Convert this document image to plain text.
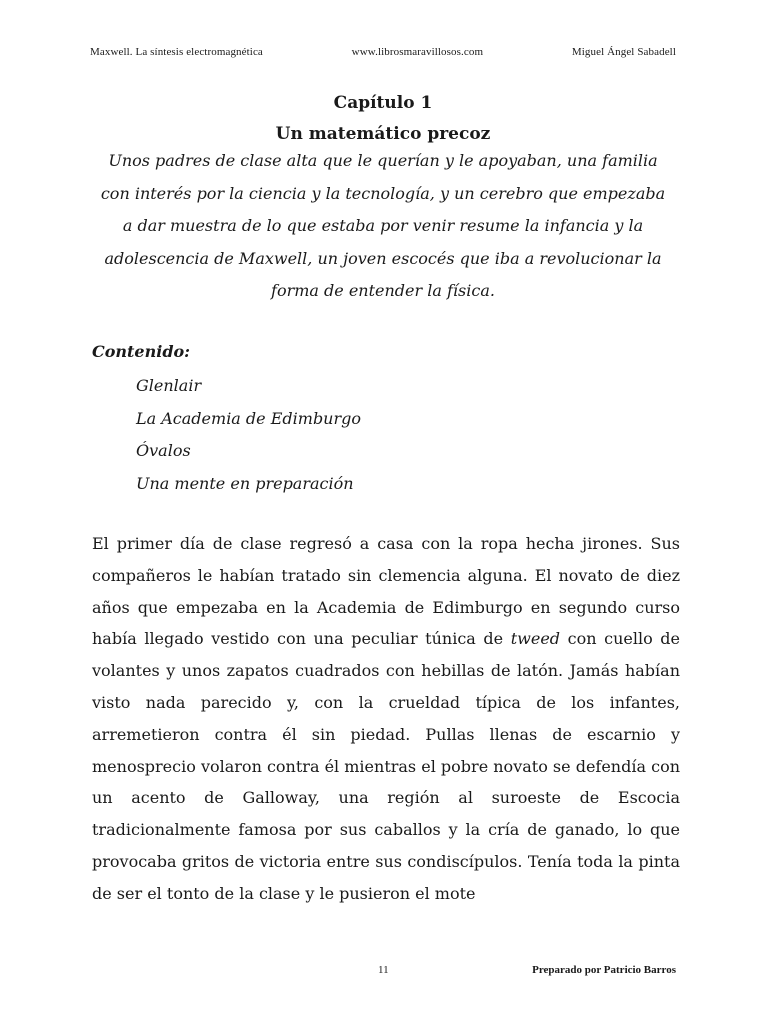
Maxwell. La síntesis electromagnética	www.librosmaravillosos.com	Miguel Ángel Sabadell

Capítulo 1

Un matemático precoz

Unos padres de clase alta que le querían y le apoyaban, una familia con interés por la ciencia y la tecnología, y un cerebro que empezaba a dar muestra de lo que estaba por venir resume la infancia y la adolescencia de Maxwell, un joven escocés que iba a revolucionar la forma de entender la física.

Contenido:

Glenlair
La Academia de Edimburgo
Óvalos
Una mente en preparación

El primer día de clase regresó a casa con la ropa hecha jirones. Sus compañeros le habían tratado sin clemencia alguna. El novato de diez años que empezaba en la Academia de Edimburgo en segundo curso había llegado vestido con una peculiar túnica de tweed con cuello de volantes y unos zapatos cuadrados con hebillas de latón. Jamás habían visto nada parecido y, con la crueldad típica de los infantes, arremetieron contra él sin piedad. Pullas llenas de escarnio y menosprecio volaron contra él mientras el pobre novato se defendía con un acento de Galloway, una región al suroeste de Escocia tradicionalmente famosa por sus caballos y la cría de ganado, lo que provocaba gritos de victoria entre sus condiscípulos. Tenía toda la pinta de ser el tonto de la clase y le pusieron el mote

11	Preparado por Patricio Barros
